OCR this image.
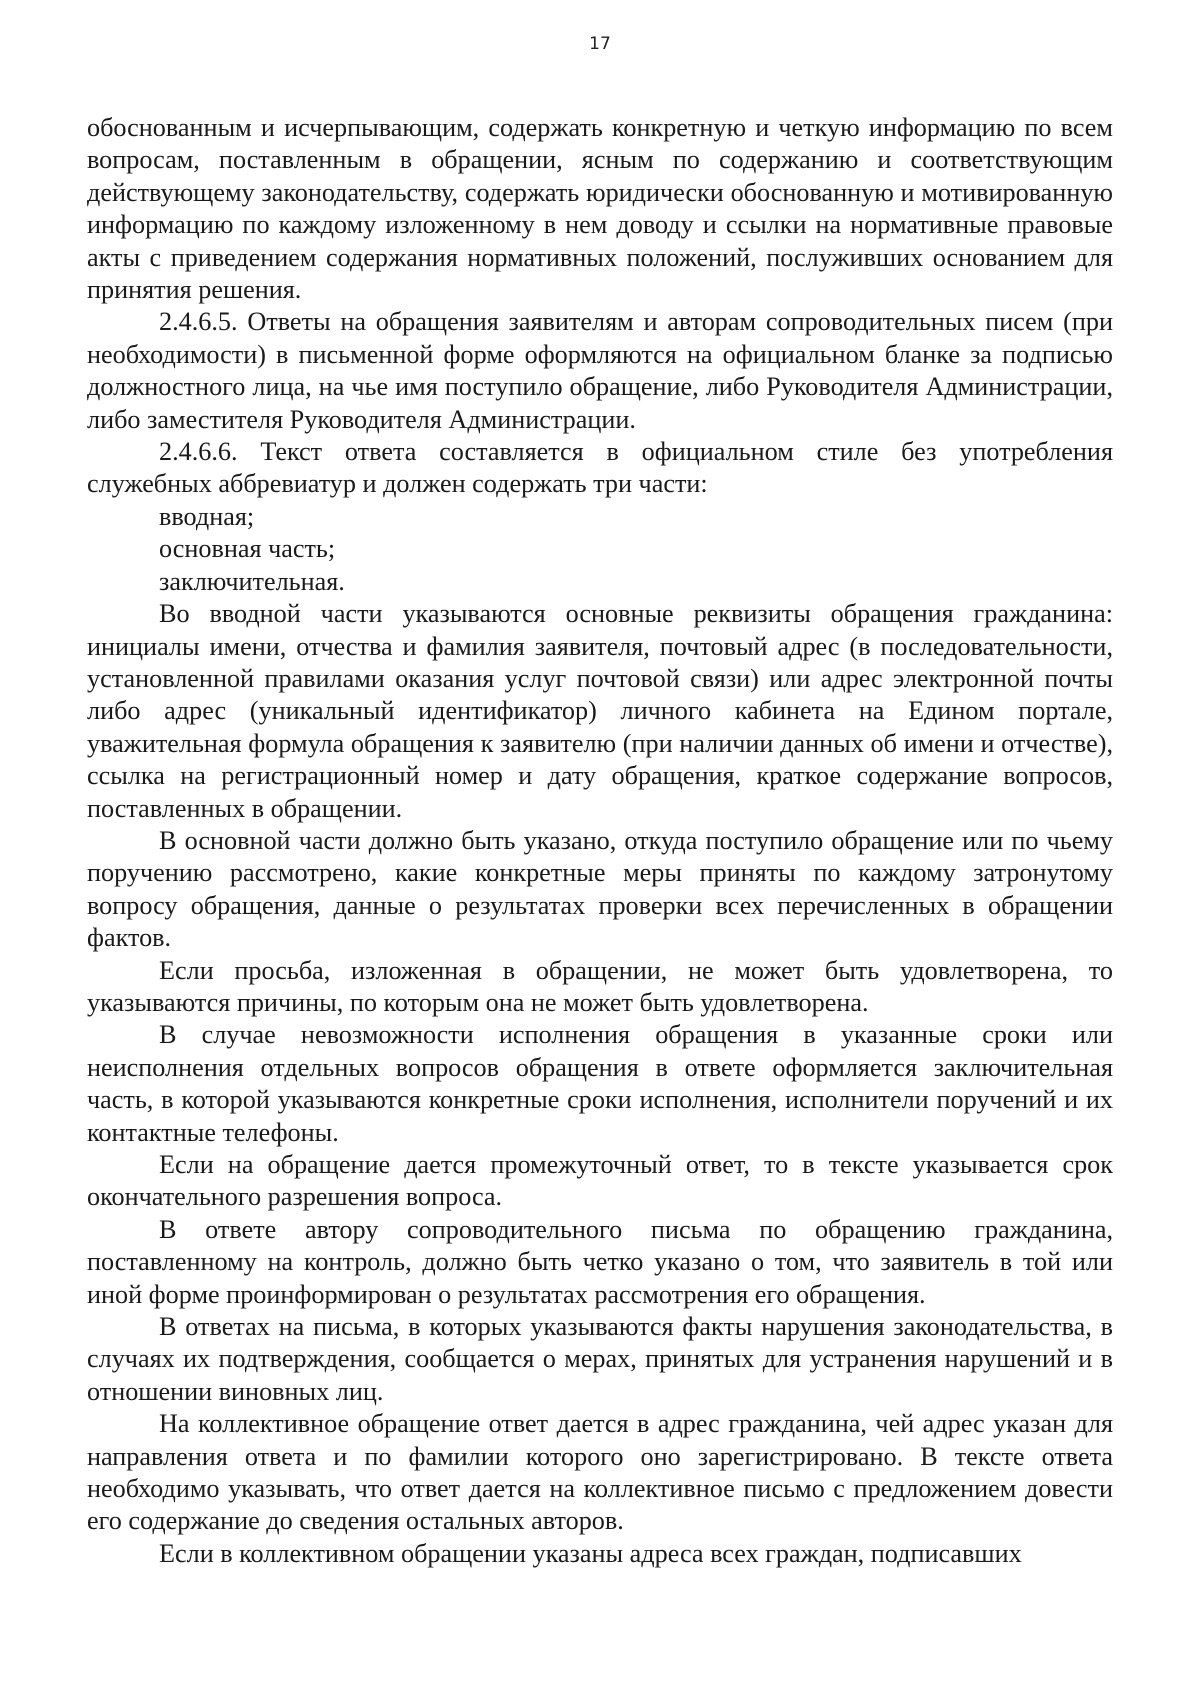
17

обоснованным и исчерпывающим, содержать конкретную и четкую информацию по всем вопросам, поставленным в обращении, ясным по содержанию и соответствующим действующему законодательству, содержать юридически обоснованную и мотивированную информацию по каждому изложенному в нем доводу и ссылки на нормативные правовые акты с приведением содержания нормативных положений, послуживших основанием для принятия решения.

2.4.6.5. Ответы на обращения заявителям и авторам сопроводительных писем (при необходимости) в письменной форме оформляются на официальном бланке за подписью должностного лица, на чье имя поступило обращение, либо Руководителя Администрации, либо заместителя Руководителя Администрации.

2.4.6.6. Текст ответа составляется в официальном стиле без употребления служебных аббревиатур и должен содержать три части:

вводная;

основная часть;

заключительная.

Во вводной части указываются основные реквизиты обращения гражданина: инициалы имени, отчества и фамилия заявителя, почтовый адрес (в последовательности, установленной правилами оказания услуг почтовой связи) или адрес электронной почты либо адрес (уникальный идентификатор) личного кабинета на Едином портале, уважительная формула обращения к заявителю (при наличии данных об имени и отчестве), ссылка на регистрационный номер и дату обращения, краткое содержание вопросов, поставленных в обращении.

В основной части должно быть указано, откуда поступило обращение или по чьему поручению рассмотрено, какие конкретные меры приняты по каждому затронутому вопросу обращения, данные о результатах проверки всех перечисленных в обращении фактов.

Если просьба, изложенная в обращении, не может быть удовлетворена, то указываются причины, по которым она не может быть удовлетворена.

В случае невозможности исполнения обращения в указанные сроки или неисполнения отдельных вопросов обращения в ответе оформляется заключительная часть, в которой указываются конкретные сроки исполнения, исполнители поручений и их контактные телефоны.

Если на обращение дается промежуточный ответ, то в тексте указывается срок окончательного разрешения вопроса.

В ответе автору сопроводительного письма по обращению гражданина, поставленному на контроль, должно быть четко указано о том, что заявитель в той или иной форме проинформирован о результатах рассмотрения его обращения.

В ответах на письма, в которых указываются факты нарушения законодательства, в случаях их подтверждения, сообщается о мерах, принятых для устранения нарушений и в отношении виновных лиц.

На коллективное обращение ответ дается в адрес гражданина, чей адрес указан для направления ответа и по фамилии которого оно зарегистрировано. В тексте ответа необходимо указывать, что ответ дается на коллективное письмо с предложением довести его содержание до сведения остальных авторов.

Если в коллективном обращении указаны адреса всех граждан, подписавших
